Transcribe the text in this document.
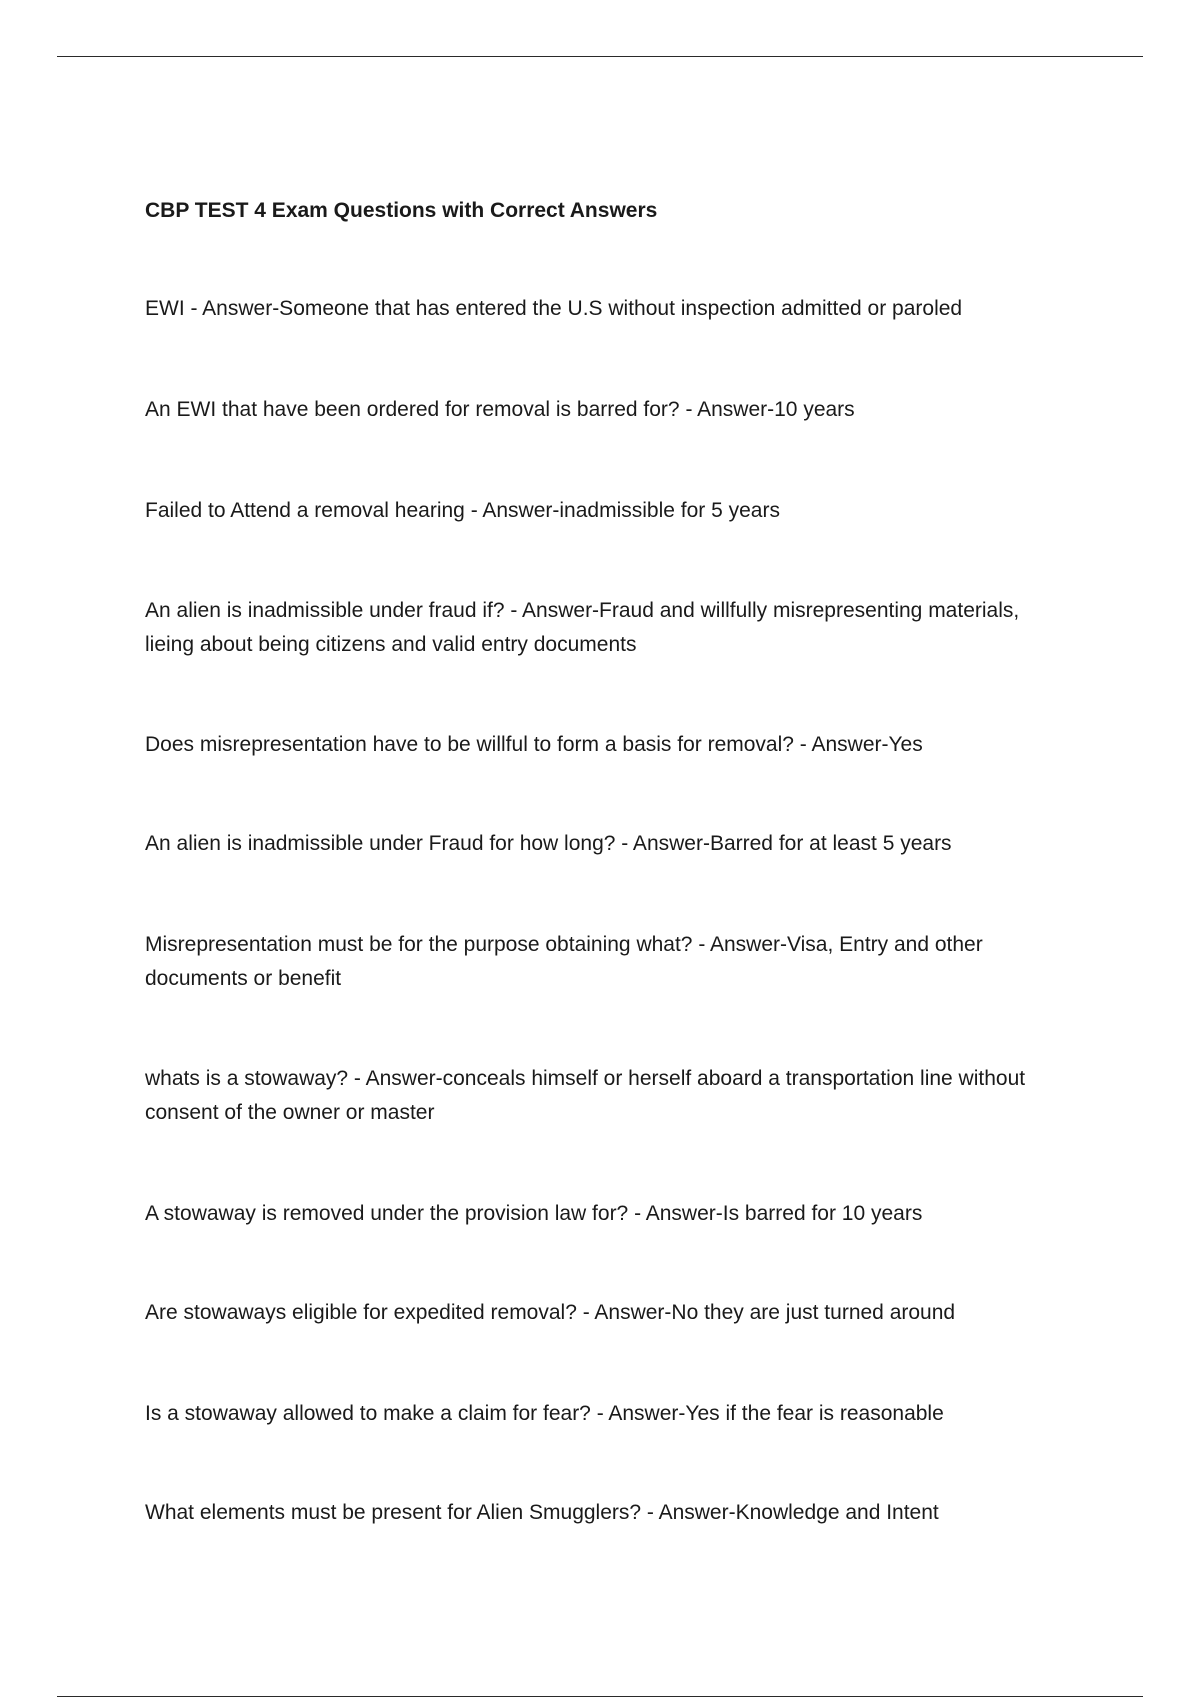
CBP TEST 4 Exam Questions with Correct Answers

EWI - Answer-Someone that has entered the U.S without inspection admitted or paroled

An EWI that have been ordered for removal is barred for? - Answer-10 years

Failed to Attend a removal hearing - Answer-inadmissible for 5 years

An alien is inadmissible under fraud if? - Answer-Fraud and willfully misrepresenting materials, lieing about being citizens and valid entry documents

Does misrepresentation have to be willful to form a basis for removal? - Answer-Yes

An alien is inadmissible under Fraud for how long? - Answer-Barred for at least 5 years

Misrepresentation must be for the purpose obtaining what? - Answer-Visa, Entry and other documents or benefit

whats is a stowaway? - Answer-conceals himself or herself aboard a transportation line without consent of the owner or master

A stowaway is removed under the provision law for? - Answer-Is barred for 10 years

Are stowaways eligible for expedited removal? - Answer-No they are just turned around

Is a stowaway allowed to make a claim for fear? - Answer-Yes if the fear is reasonable

What elements must be present for Alien Smugglers? - Answer-Knowledge and Intent
